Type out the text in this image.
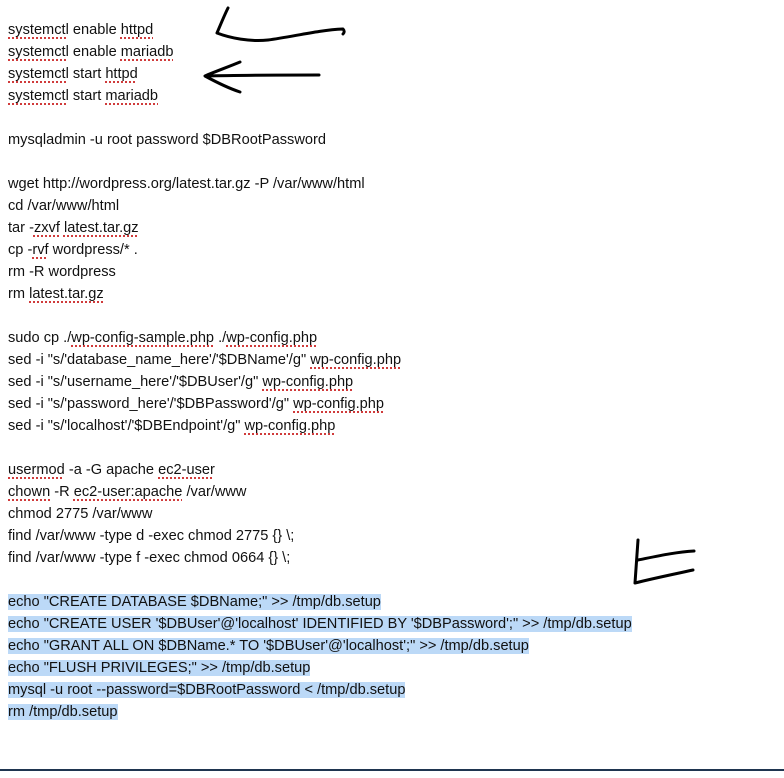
systemctl enable httpd
systemctl enable mariadb
systemctl start httpd
systemctl start mariadb
mysqladmin -u root password $DBRootPassword
wget http://wordpress.org/latest.tar.gz -P /var/www/html
cd /var/www/html
tar -zxvf latest.tar.gz
cp -rvf wordpress/* .
rm -R wordpress
rm latest.tar.gz
sudo cp ./wp-config-sample.php ./wp-config.php
sed -i "s/'database_name_here'/'$DBName'/g" wp-config.php
sed -i "s/'username_here'/'$DBUser'/g" wp-config.php
sed -i "s/'password_here'/'$DBPassword'/g" wp-config.php
sed -i "s/'localhost'/'$DBEndpoint'/g" wp-config.php
usermod -a -G apache ec2-user
chown -R ec2-user:apache /var/www
chmod 2775 /var/www
find /var/www -type d -exec chmod 2775 {} \;
find /var/www -type f -exec chmod 0664 {} \;
echo "CREATE DATABASE $DBName;" >> /tmp/db.setup
echo "CREATE USER '$DBUser'@'localhost' IDENTIFIED BY '$DBPassword';" >> /tmp/db.setup
echo "GRANT ALL ON $DBName.* TO '$DBUser'@'localhost';" >> /tmp/db.setup
echo "FLUSH PRIVILEGES;" >> /tmp/db.setup
mysql -u root --password=$DBRootPassword < /tmp/db.setup
rm /tmp/db.setup
